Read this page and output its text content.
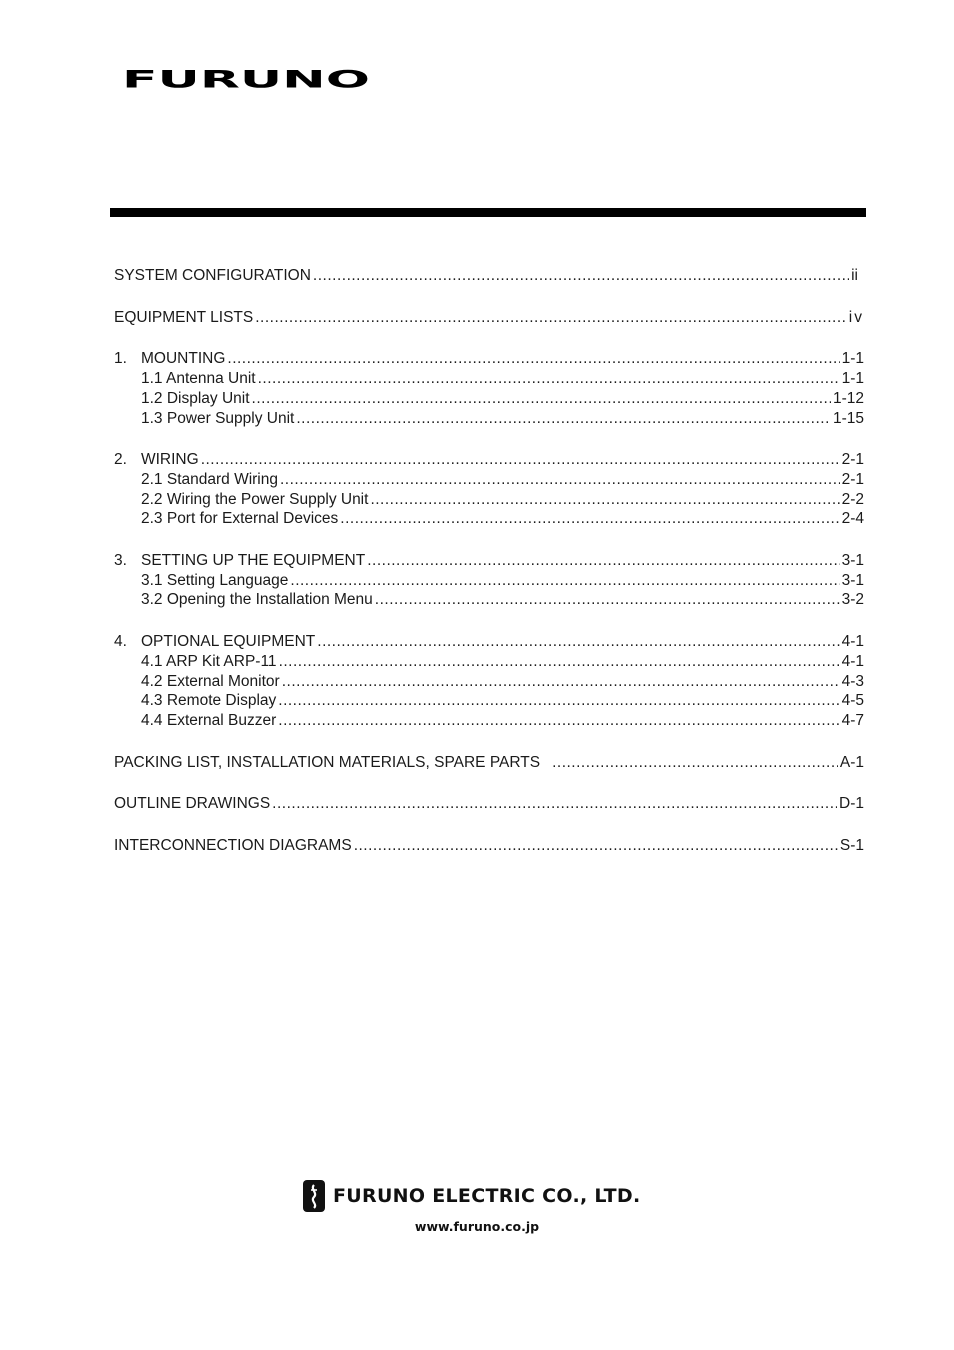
FURUNO
SYSTEM CONFIGURATION .....	ii
EQUIPMENT LISTS .....	iv
1. MOUNTING .....	1-1
1.1 Antenna Unit .....	1-1
1.2 Display Unit .....	1-12
1.3 Power Supply Unit .....	1-15
2. WIRING .....	2-1
2.1 Standard Wiring .....	2-1
2.2 Wiring the Power Supply Unit .....	2-2
2.3 Port for External Devices .....	2-4
3. SETTING UP THE EQUIPMENT .....	3-1
3.1 Setting Language .....	3-1
3.2 Opening the Installation Menu .....	3-2
4. OPTIONAL EQUIPMENT .....	4-1
4.1 ARP Kit ARP-11 .....	4-1
4.2 External Monitor .....	4-3
4.3 Remote Display .....	4-5
4.4 External Buzzer .....	4-7
PACKING LIST, INSTALLATION MATERIALS, SPARE PARTS .....	A-1
OUTLINE DRAWINGS .....	D-1
INTERCONNECTION DIAGRAMS .....	S-1
FURUNO ELECTRIC CO., LTD.
www.furuno.co.jp
